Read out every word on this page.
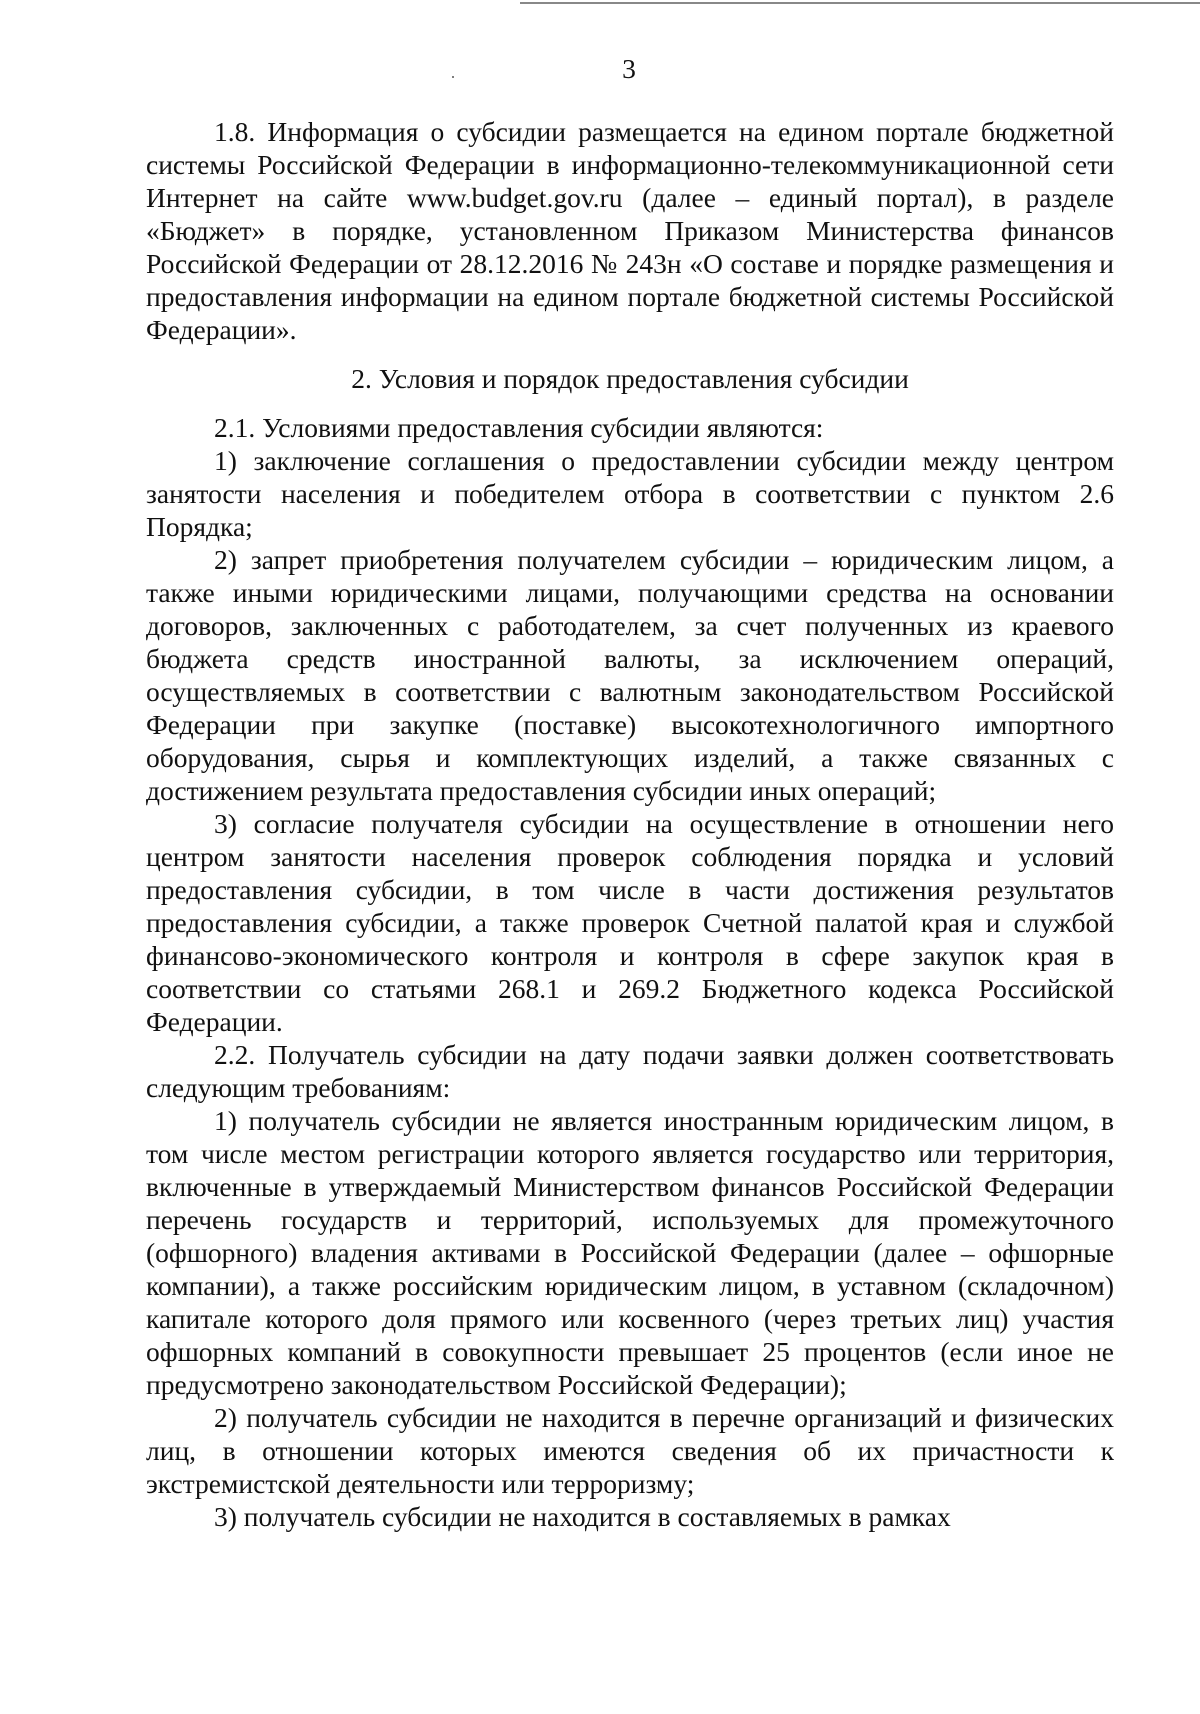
3

1.8. Информация о субсидии размещается на едином портале бюджетной системы Российской Федерации в информационно-телекоммуникационной сети Интернет на сайте www.budget.gov.ru (далее – единый портал), в разделе «Бюджет» в порядке, установленном Приказом Министерства финансов Российской Федерации от 28.12.2016 № 243н «О составе и порядке размещения и предоставления информации на едином портале бюджетной системы Российской Федерации».

2. Условия и порядок предоставления субсидии

2.1. Условиями предоставления субсидии являются:

1) заключение соглашения о предоставлении субсидии между центром занятости населения и победителем отбора в соответствии с пунктом 2.6 Порядка;

2) запрет приобретения получателем субсидии – юридическим лицом, а также иными юридическими лицами, получающими средства на основании договоров, заключенных с работодателем, за счет полученных из краевого бюджета средств иностранной валюты, за исключением операций, осуществляемых в соответствии с валютным законодательством Российской Федерации при закупке (поставке) высокотехнологичного импортного оборудования, сырья и комплектующих изделий, а также связанных с достижением результата предоставления субсидии иных операций;

3) согласие получателя субсидии на осуществление в отношении него центром занятости населения проверок соблюдения порядка и условий предоставления субсидии, в том числе в части достижения результатов предоставления субсидии, а также проверок Счетной палатой края и службой финансово-экономического контроля и контроля в сфере закупок края в соответствии со статьями 268.1 и 269.2 Бюджетного кодекса Российской Федерации.

2.2. Получатель субсидии на дату подачи заявки должен соответствовать следующим требованиям:

1) получатель субсидии не является иностранным юридическим лицом, в том числе местом регистрации которого является государство или территория, включенные в утверждаемый Министерством финансов Российской Федерации перечень государств и территорий, используемых для промежуточного (офшорного) владения активами в Российской Федерации (далее – офшорные компании), а также российским юридическим лицом, в уставном (складочном) капитале которого доля прямого или косвенного (через третьих лиц) участия офшорных компаний в совокупности превышает 25 процентов (если иное не предусмотрено законодательством Российской Федерации);

2) получатель субсидии не находится в перечне организаций и физических лиц, в отношении которых имеются сведения об их причастности к экстремистской деятельности или терроризму;

3) получатель субсидии не находится в составляемых в рамках
